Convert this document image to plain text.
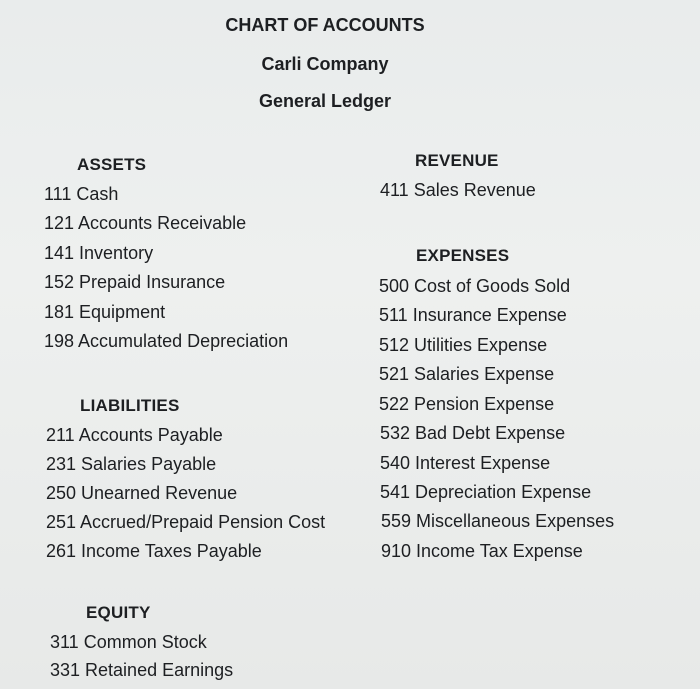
CHART OF ACCOUNTS
Carli Company
General Ledger
ASSETS
111 Cash
121 Accounts Receivable
141 Inventory
152 Prepaid Insurance
181 Equipment
198 Accumulated Depreciation
LIABILITIES
211 Accounts Payable
231 Salaries Payable
250 Unearned Revenue
251 Accrued/Prepaid Pension Cost
261 Income Taxes Payable
EQUITY
311 Common Stock
331 Retained Earnings
REVENUE
411 Sales Revenue
EXPENSES
500 Cost of Goods Sold
511 Insurance Expense
512 Utilities Expense
521 Salaries Expense
522 Pension Expense
532 Bad Debt Expense
540 Interest Expense
541 Depreciation Expense
559 Miscellaneous Expenses
910 Income Tax Expense
